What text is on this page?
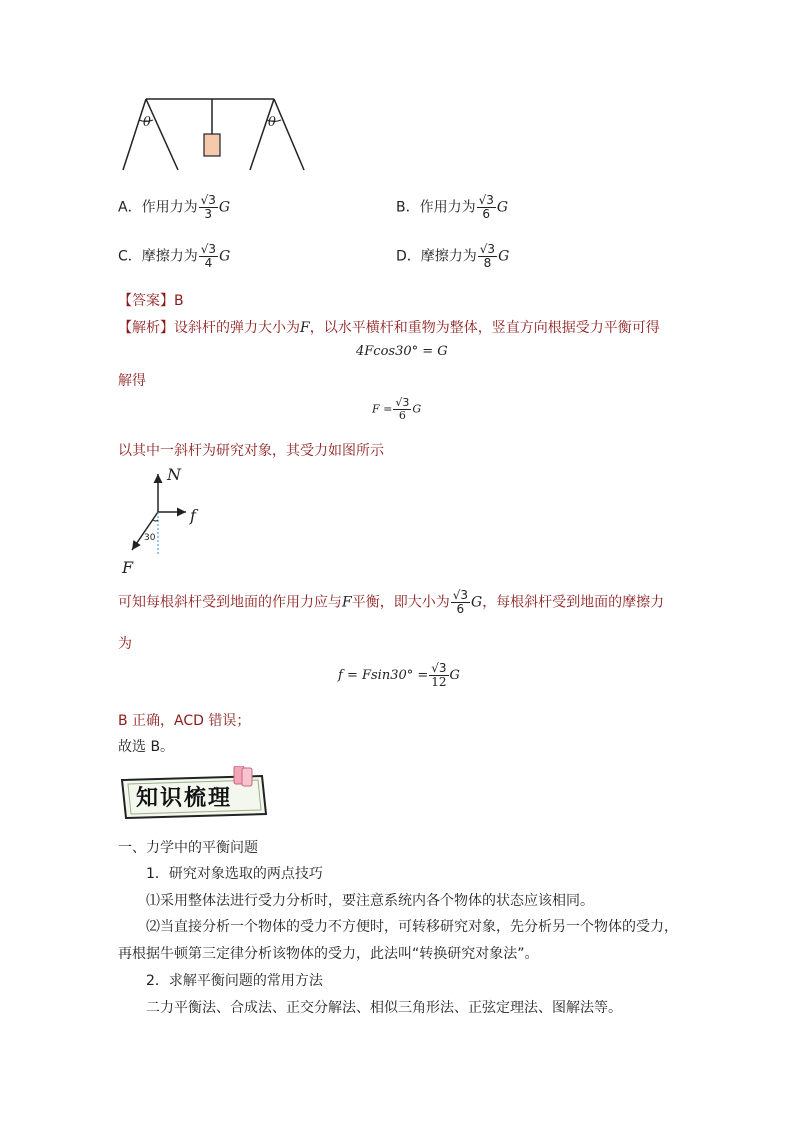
θ	θ
A．作用力为 $\frac{√3}{3}$ G	B．作用力为 $\frac{√3}{6}$ G
C．摩擦力为 $\frac{√3}{4}$ G	D．摩擦力为 $\frac{√3}{8}$ G
【答案】B
【解析】设斜杆的弹力大小为F，以水平横杆和重物为整体，竖直方向根据受力平衡可得
4Fcos30° = G
解得
$F = \frac{√3}{6}$ G
以其中一斜杆为研究对象，其受力如图所示
N
f
F
30
可知每根斜杆受到地面的作用力应与F平衡，即大小为 $\frac{√3}{6}$ G，每根斜杆受到地面的摩擦力
为
$f = Fsin30^\circ = \frac{√3}{12}$ G
B 正确，ACD 错误；
故选 B。
知识梳理
一、力学中的平衡问题
1．研究对象选取的两点技巧
⑴采用整体法进行受力分析时，要注意系统内各个物体的状态应该相同。
⑵当直接分析一个物体的受力不方便时，可转移研究对象，先分析另一个物体的受力，
再根据牛顿第三定律分析该物体的受力，此法叫“转换研究对象法”。
2．求解平衡问题的常用方法
二力平衡法、合成法、正交分解法、相似三角形法、正弦定理法、图解法等。
